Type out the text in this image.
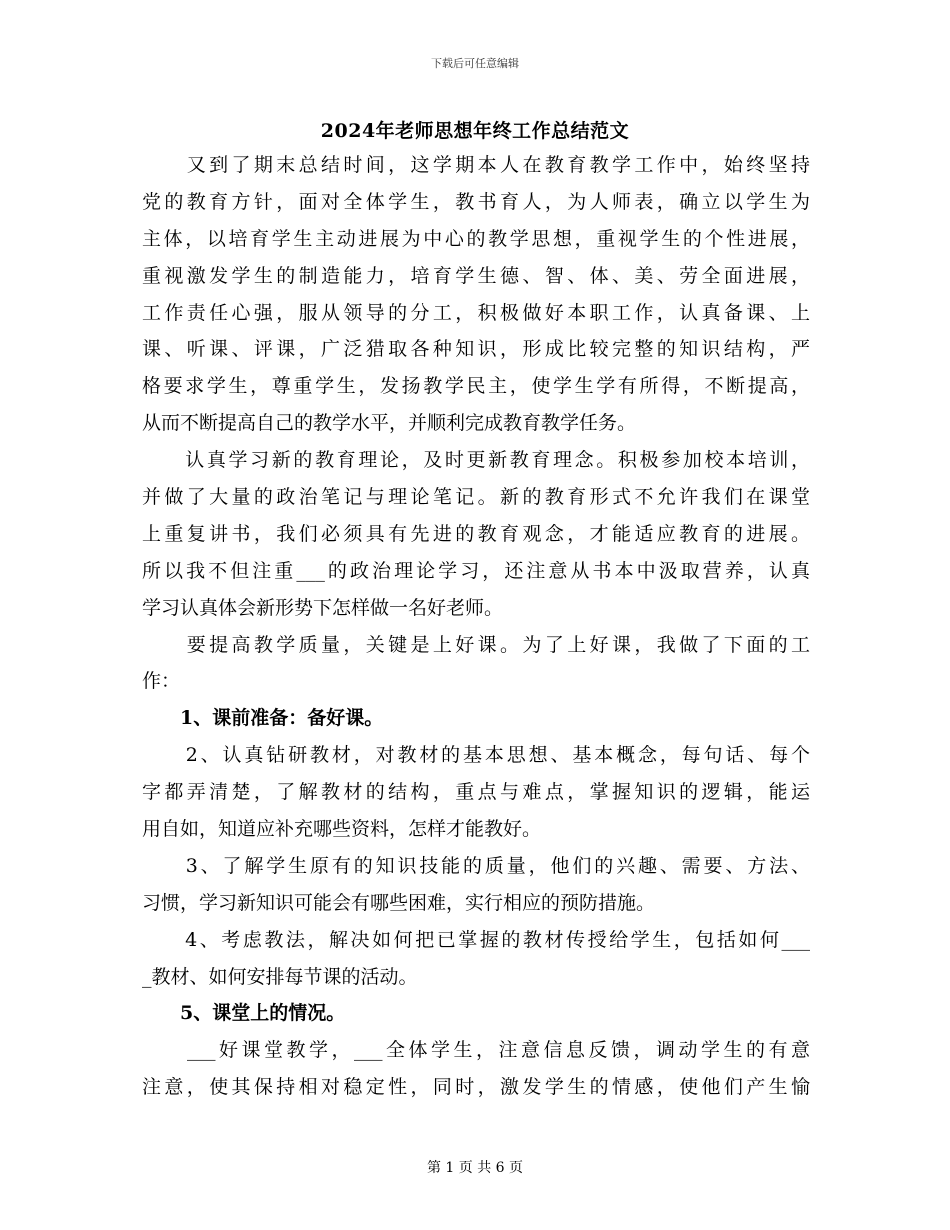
下载后可任意编辑
2024年老师思想年终工作总结范文
　　又到了期末总结时间，这学期本人在教育教学工作中，始终坚持
党的教育方针，面对全体学生，教书育人，为人师表，确立以学生为
主体，以培育学生主动进展为中心的教学思想，重视学生的个性进展，
重视激发学生的制造能力，培育学生德、智、体、美、劳全面进展，
工作责任心强，服从领导的分工，积极做好本职工作，认真备课、上
课、听课、评课，广泛猎取各种知识，形成比较完整的知识结构，严
格要求学生，尊重学生，发扬教学民主，使学生学有所得，不断提高，
从而不断提高自己的教学水平，并顺利完成教育教学任务。
　　认真学习新的教育理论，及时更新教育理念。积极参加校本培训，
并做了大量的政治笔记与理论笔记。新的教育形式不允许我们在课堂
上重复讲书，我们必须具有先进的教育观念，才能适应教育的进展。
所以我不但注重___的政治理论学习，还注意从书本中汲取营养，认真
学习认真体会新形势下怎样做一名好老师。
　　要提高教学质量，关键是上好课。为了上好课，我做了下面的工
作：
　　1、课前准备：备好课。
　　2、认真钻研教材，对教材的基本思想、基本概念，每句话、每个
字都弄清楚，了解教材的结构，重点与难点，掌握知识的逻辑，能运
用自如，知道应补充哪些资料，怎样才能教好。
　　3、了解学生原有的知识技能的质量，他们的兴趣、需要、方法、
习惯，学习新知识可能会有哪些困难，实行相应的预防措施。
　　4、考虑教法，解决如何把已掌握的教材传授给学生，包括如何___
_教材、如何安排每节课的活动。
　　5、课堂上的情况。
　　___好课堂教学，___全体学生，注意信息反馈，调动学生的有意
注意，使其保持相对稳定性，同时，激发学生的情感，使他们产生愉
第 1 页 共 6 页
